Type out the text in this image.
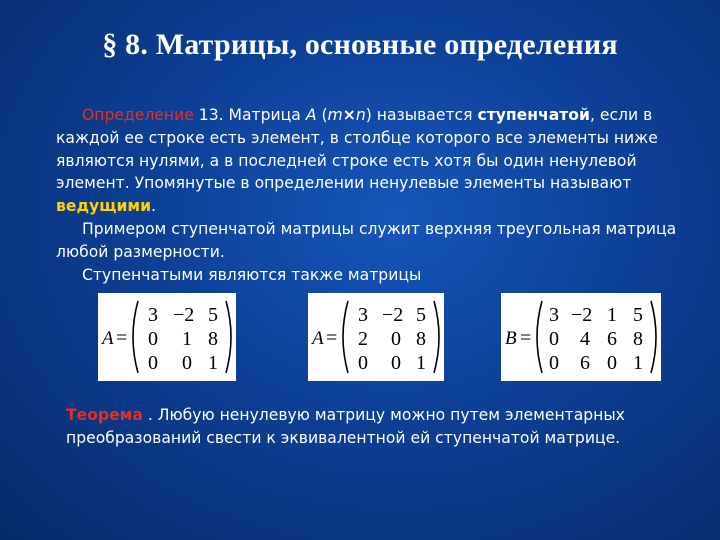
§ 8. Матрицы, основные определения

Определение 13. Матрица A (m×n) называется ступенчатой, если в каждой ее строке есть элемент, в столбце которого все элементы ниже являются нулями, а в последней строке есть хотя бы один ненулевой элемент. Упомянутые в определении ненулевые элементы называют ведущими.

Примером ступенчатой матрицы служит верхняя треугольная матрица любой размерности.

Ступенчатыми являются также матрицы

A =
3 −2 5
0 1 8
0 0 1
A =
3 −2 5
2 0 8
0 0 1
B =
3 −2 1 5
0 4 6 8
0 6 0 1

Теорема . Любую ненулевую матрицу можно путем элементарных преобразований свести к эквивалентной ей ступенчатой матрице.
